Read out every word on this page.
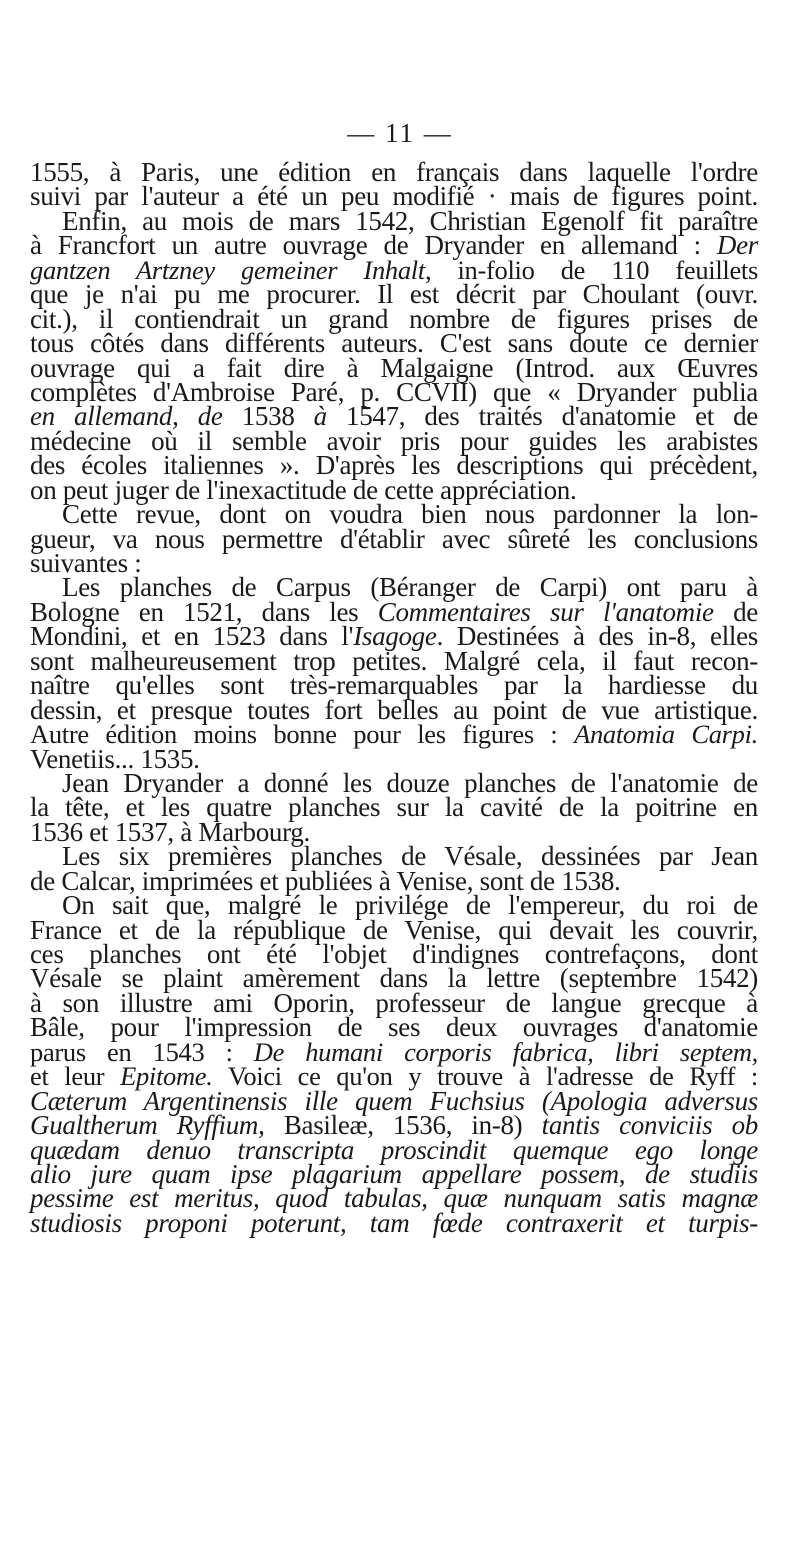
— 11 —
1555, à Paris, une édition en français dans laquelle l'ordre
suivi par l'auteur a été un peu modifié · mais de figures point.
Enfin, au mois de mars 1542, Christian Egenolf fit paraître
à Francfort un autre ouvrage de Dryander en allemand : Der
gantzen Artzney gemeiner Inhalt, in-folio de 110 feuillets
que je n'ai pu me procurer. Il est décrit par Choulant (ouvr.
cit.), il contiendrait un grand nombre de figures prises de
tous côtés dans différents auteurs. C'est sans doute ce dernier
ouvrage qui a fait dire à Malgaigne (Introd. aux Œuvres
complètes d'Ambroise Paré, p. CCVII) que « Dryander publia
en allemand, de 1538 à 1547, des traités d'anatomie et de
médecine où il semble avoir pris pour guides les arabistes
des écoles italiennes ». D'après les descriptions qui précèdent,
on peut juger de l'inexactitude de cette appréciation.
Cette revue, dont on voudra bien nous pardonner la lon-
gueur, va nous permettre d'établir avec sûreté les conclusions
suivantes :
Les planches de Carpus (Béranger de Carpi) ont paru à
Bologne en 1521, dans les Commentaires sur l'anatomie de
Mondini, et en 1523 dans l'Isagoge. Destinées à des in-8, elles
sont malheureusement trop petites. Malgré cela, il faut recon-
naître qu'elles sont très-remarquables par la hardiesse du
dessin, et presque toutes fort belles au point de vue artistique.
Autre édition moins bonne pour les figures : Anatomia Carpi.
Venetiis... 1535.
Jean Dryander a donné les douze planches de l'anatomie de
la tête, et les quatre planches sur la cavité de la poitrine en
1536 et 1537, à Marbourg.
Les six premières planches de Vésale, dessinées par Jean
de Calcar, imprimées et publiées à Venise, sont de 1538.
On sait que, malgré le privilége de l'empereur, du roi de
France et de la république de Venise, qui devait les couvrir,
ces planches ont été l'objet d'indignes contrefaçons, dont
Vésale se plaint amèrement dans la lettre (septembre 1542)
à son illustre ami Oporin, professeur de langue grecque à
Bâle, pour l'impression de ses deux ouvrages d'anatomie
parus en 1543 : De humani corporis fabrica, libri septem,
et leur Epitome. Voici ce qu'on y trouve à l'adresse de Ryff :
Cæterum Argentinensis ille quem Fuchsius (Apologia adversus
Gualtherum Ryffium, Basileæ, 1536, in-8) tantis conviciis ob
quædam denuo transcripta proscindit quemque ego longe
alio jure quam ipse plagarium appellare possem, de studiis
pessime est meritus, quod tabulas, quæ nunquam satis magnæ
studiosis proponi poterunt, tam fœde contraxerit et turpis-
